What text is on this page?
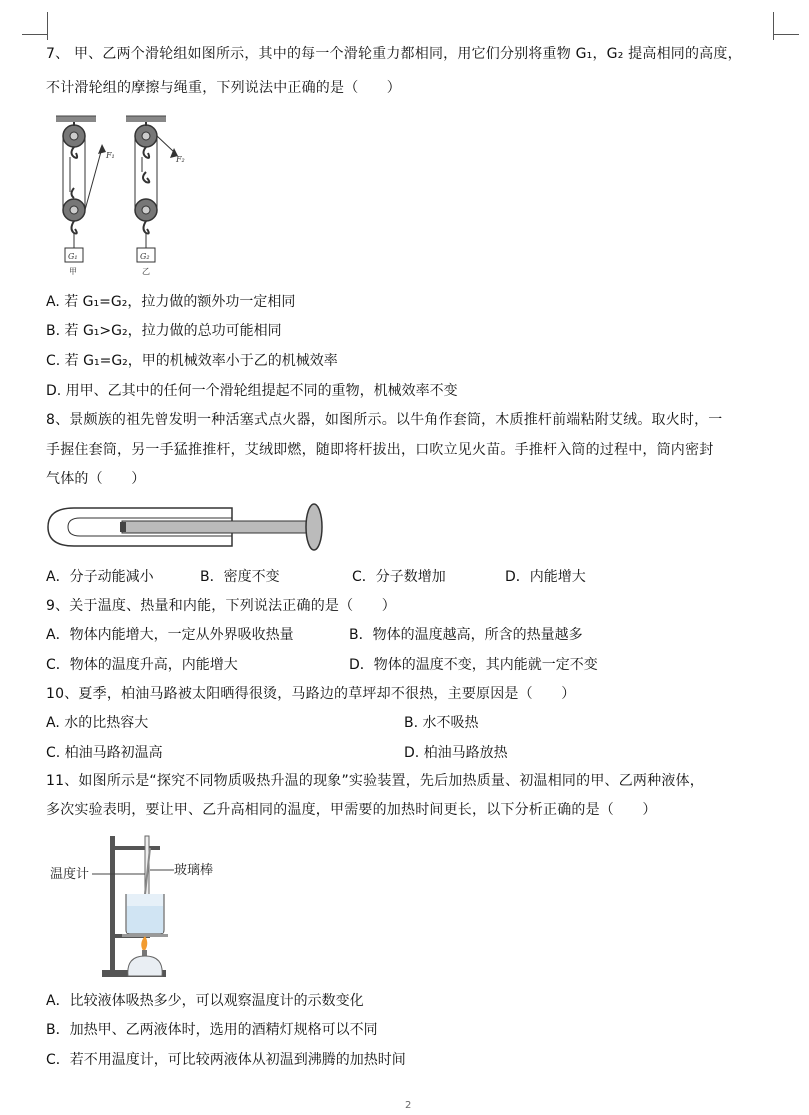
7、 甲、乙两个滑轮组如图所示，其中的每一个滑轮重力都相同，用它们分别将重物 G₁，G₂ 提高相同的高度，
不计滑轮组的摩擦与绳重，下列说法中正确的是（　　）
F₁
G₁
甲
F₂
G₂
乙
A. 若 G₁=G₂，拉力做的额外功一定相同
B. 若 G₁>G₂，拉力做的总功可能相同
C. 若 G₁=G₂，甲的机械效率小于乙的机械效率
D. 用甲、乙其中的任何一个滑轮组提起不同的重物，机械效率不变
8、景颇族的祖先曾发明一种活塞式点火器，如图所示。以牛角作套筒，木质推杆前端粘附艾绒。取火时，一
手握住套筒，另一手猛推推杆，艾绒即燃，随即将杆拔出，口吹立见火苗。手推杆入筒的过程中，筒内密封
气体的（　　）
A．分子动能减小	B．密度不变	C．分子数增加	D．内能增大
9、关于温度、热量和内能，下列说法正确的是（　　）
A．物体内能增大，一定从外界吸收热量	B．物体的温度越高，所含的热量越多
C．物体的温度升高，内能增大	D．物体的温度不变，其内能就一定不变
10、夏季，柏油马路被太阳晒得很烫，马路边的草坪却不很热，主要原因是（　　）
A. 水的比热容大	B. 水不吸热
C. 柏油马路初温高	D. 柏油马路放热
11、如图所示是“探究不同物质吸热升温的现象”实验装置，先后加热质量、初温相同的甲、乙两种液体，
多次实验表明，要让甲、乙升高相同的温度，甲需要的加热时间更长，以下分析正确的是（　　）
温度计	玻璃棒
A．比较液体吸热多少，可以观察温度计的示数变化
B．加热甲、乙两液体时，选用的酒精灯规格可以不同
C．若不用温度计，可比较两液体从初温到沸腾的加热时间
2
